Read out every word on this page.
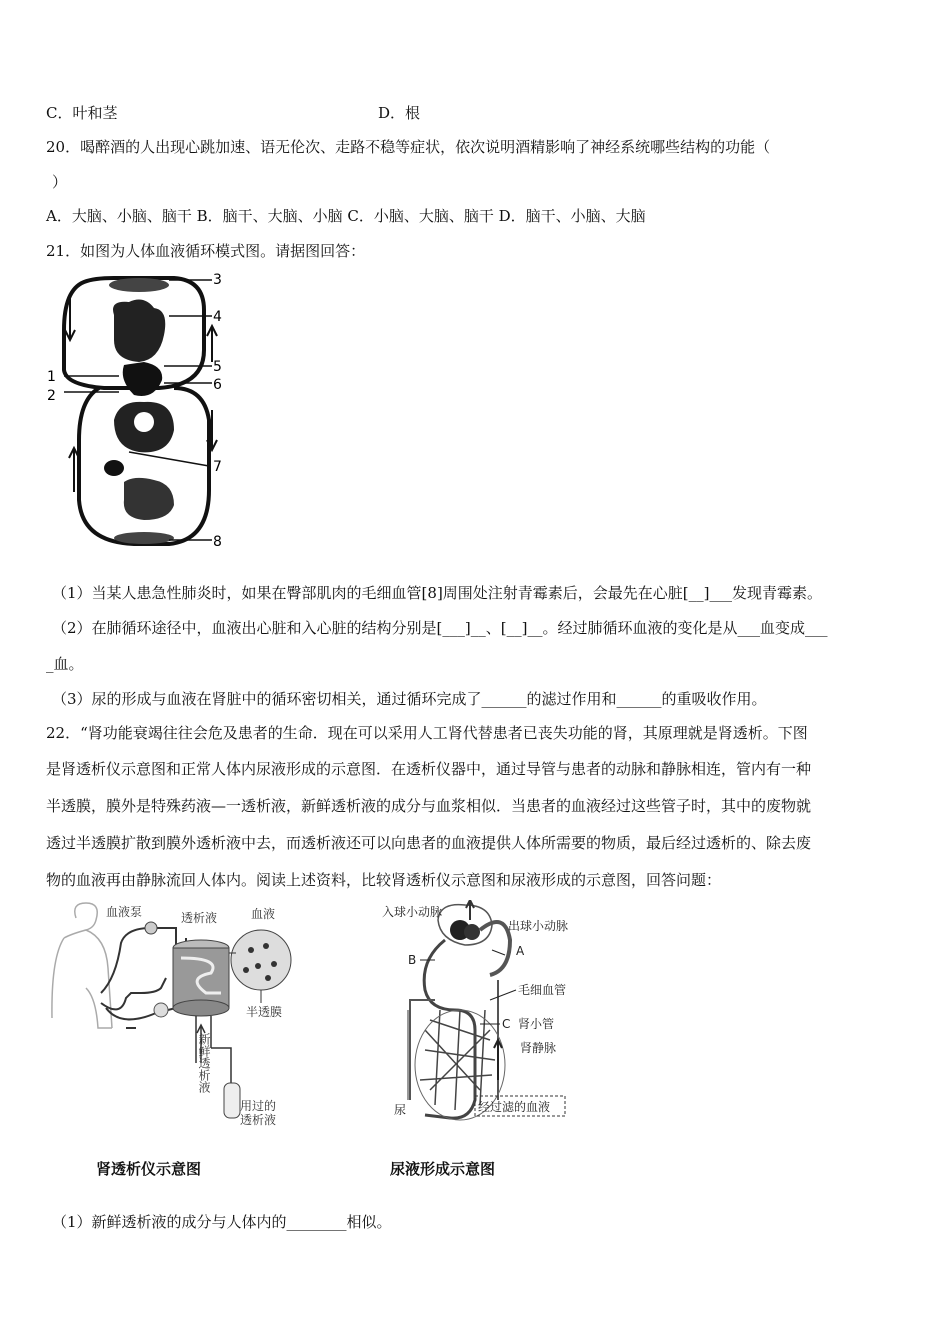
C．叶和茎	D．根
20．喝醉酒的人出现心跳加速、语无伦次、走路不稳等症状，依次说明酒精影响了神经系统哪些结构的功能（
）
A．大脑、小脑、脑干 B．脑干、大脑、小脑 C．小脑、大脑、脑干 D．脑干、小脑、大脑
21．如图为人体血液循环模式图。请据图回答：
3
4
5
6
1
2
7
8
（1）当某人患急性肺炎时，如果在臀部肌肉的毛细血管[8]周围处注射青霉素后，会最先在心脏[__]___发现青霉素。
（2）在肺循环途径中，血液出心脏和入心脏的结构分别是[___]__、[__]__。经过肺循环血液的变化是从___血变成___
_血。
（3）尿的形成与血液在肾脏中的循环密切相关，通过循环完成了______的滤过作用和______的重吸收作用。
22．“肾功能衰竭往往会危及患者的生命．现在可以采用人工肾代替患者已丧失功能的肾，其原理就是肾透析。下图
是肾透析仪示意图和正常人体内尿液形成的示意图．在透析仪器中，通过导管与患者的动脉和静脉相连，管内有一种
半透膜，膜外是特殊药液—一透析液，新鲜透析液的成分与血浆相似．当患者的血液经过这些管子时，其中的废物就
透过半透膜扩散到膜外透析液中去，而透析液还可以向患者的血液提供人体所需要的物质，最后经过透析的、除去废
物的血液再由静脉流回人体内。阅读上述资料，比较肾透析仪示意图和尿液形成的示意图，回答问题：
血液泵	透析液	血液
半透膜
用过的
透析液
新鲜透析液
肾透析仪示意图
入球小动脉
出球小动脉
A
B
毛细血管
C 肾小管
肾静脉
尿	经过滤的血液
尿液形成示意图
（1）新鲜透析液的成分与人体内的________相似。
